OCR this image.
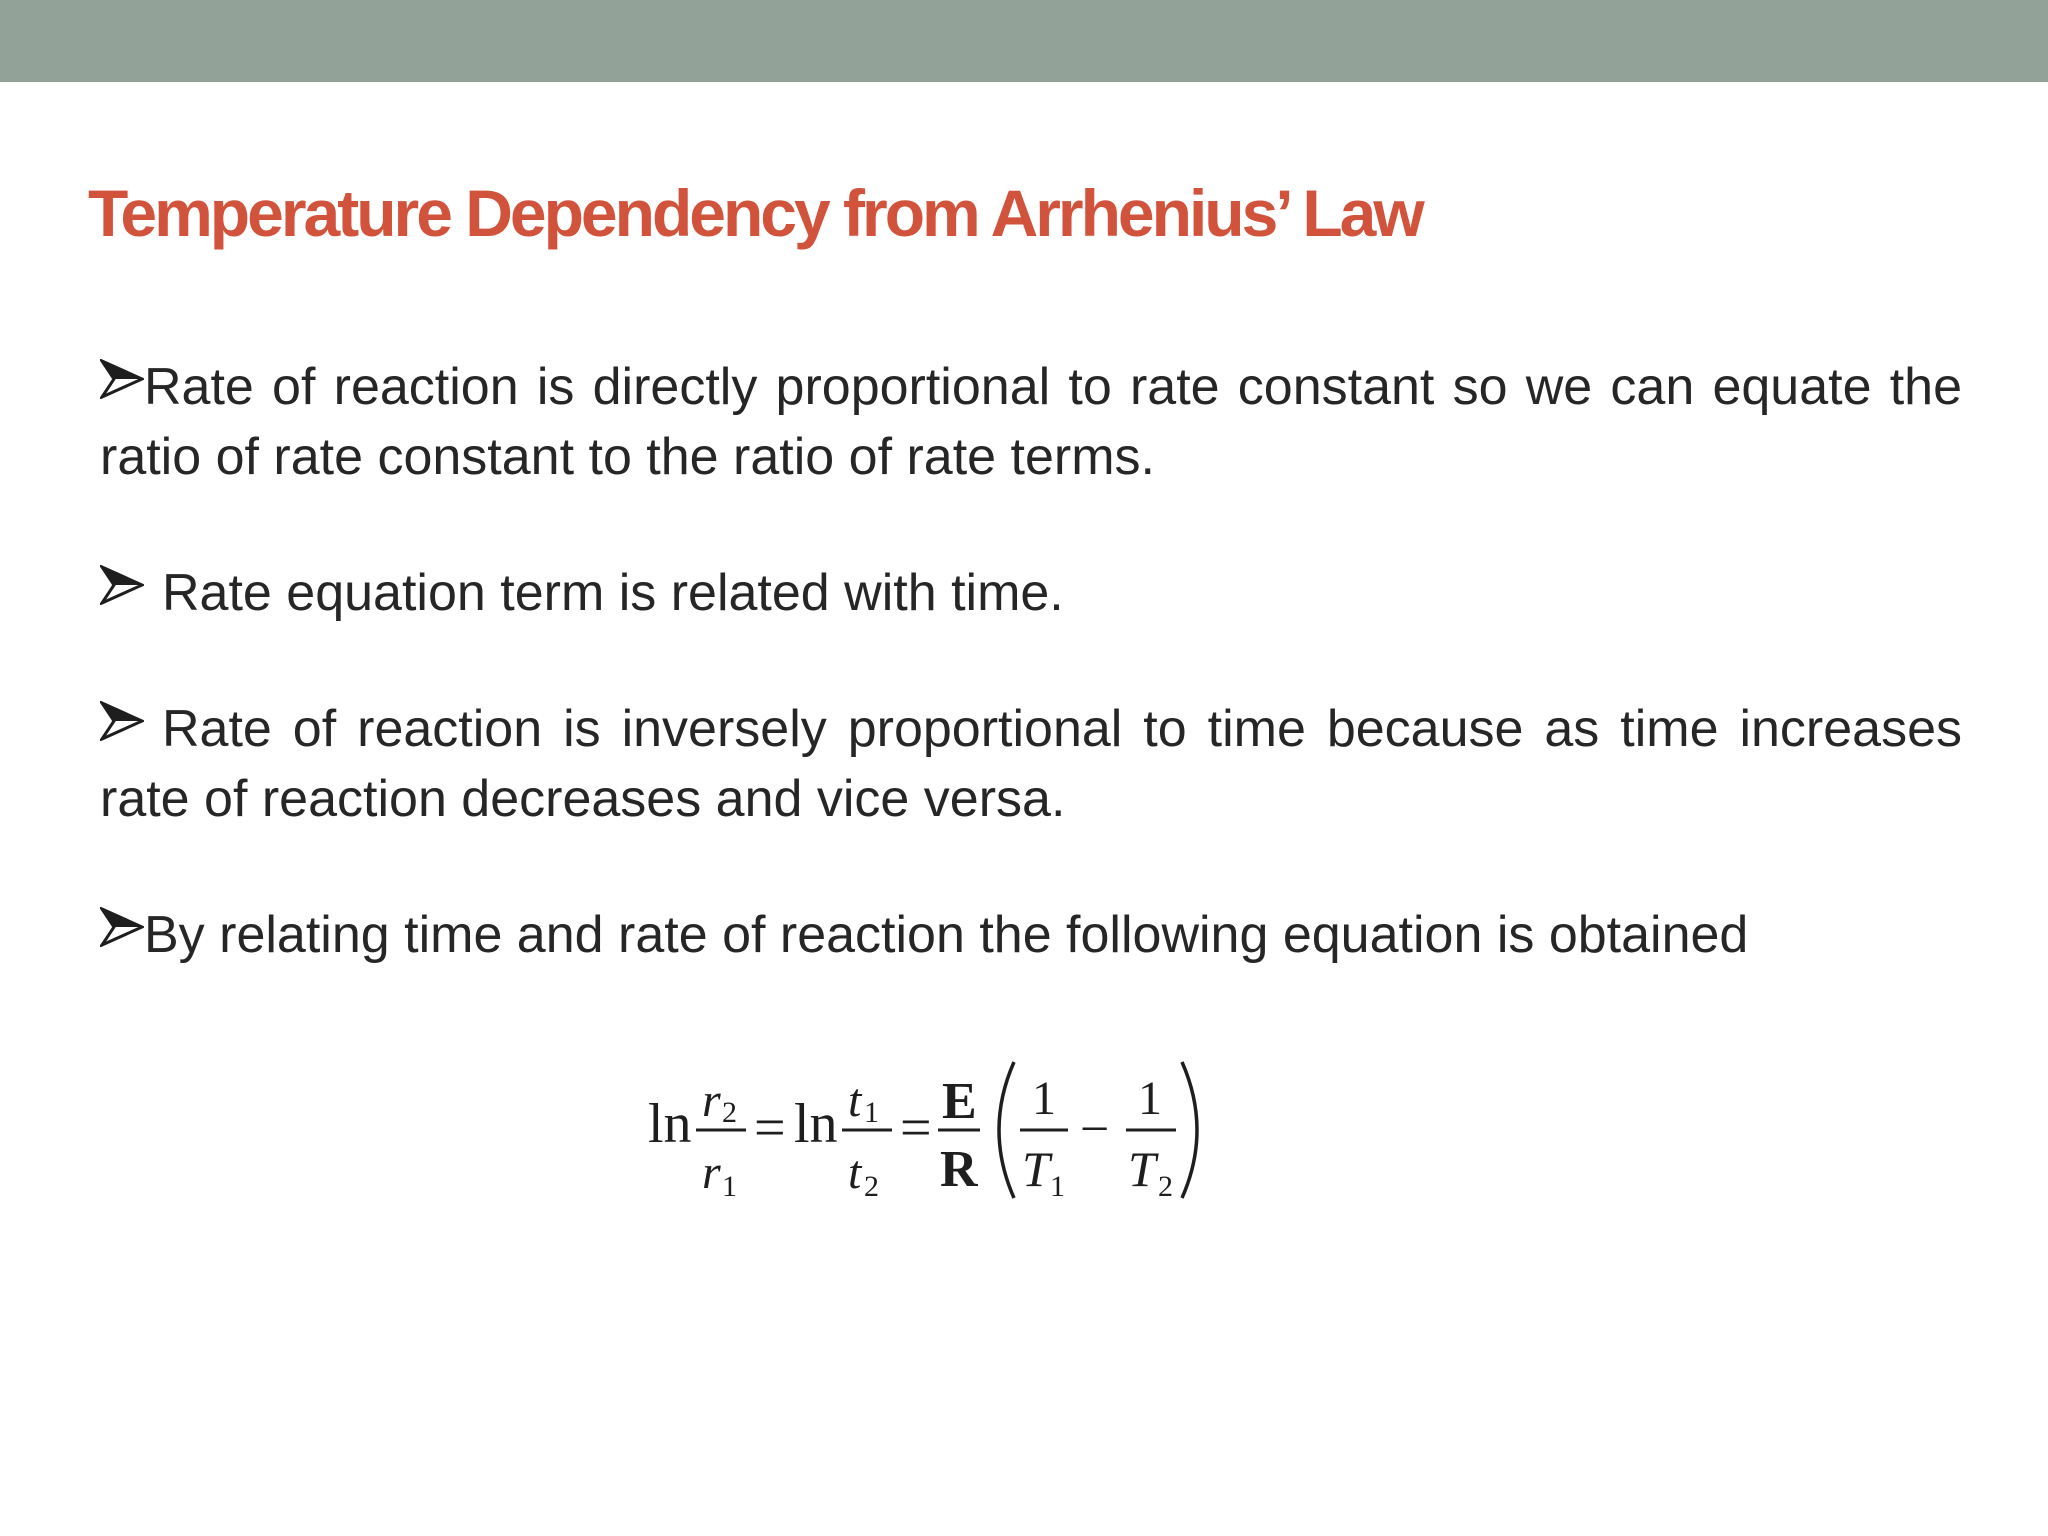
Temperature Dependency from Arrhenius’ Law
Rate of reaction is directly proportional to rate constant so we can equate the ratio of rate constant to the ratio of rate terms.
Rate equation term is related with time.
Rate of reaction is inversely proportional to time because as time increases rate of reaction decreases and vice versa.
By relating time and rate of reaction the following equation is obtained
ln r 2
r 1
= ln t 1
t 2
= E
R
1
T 1
−
1
T 2
